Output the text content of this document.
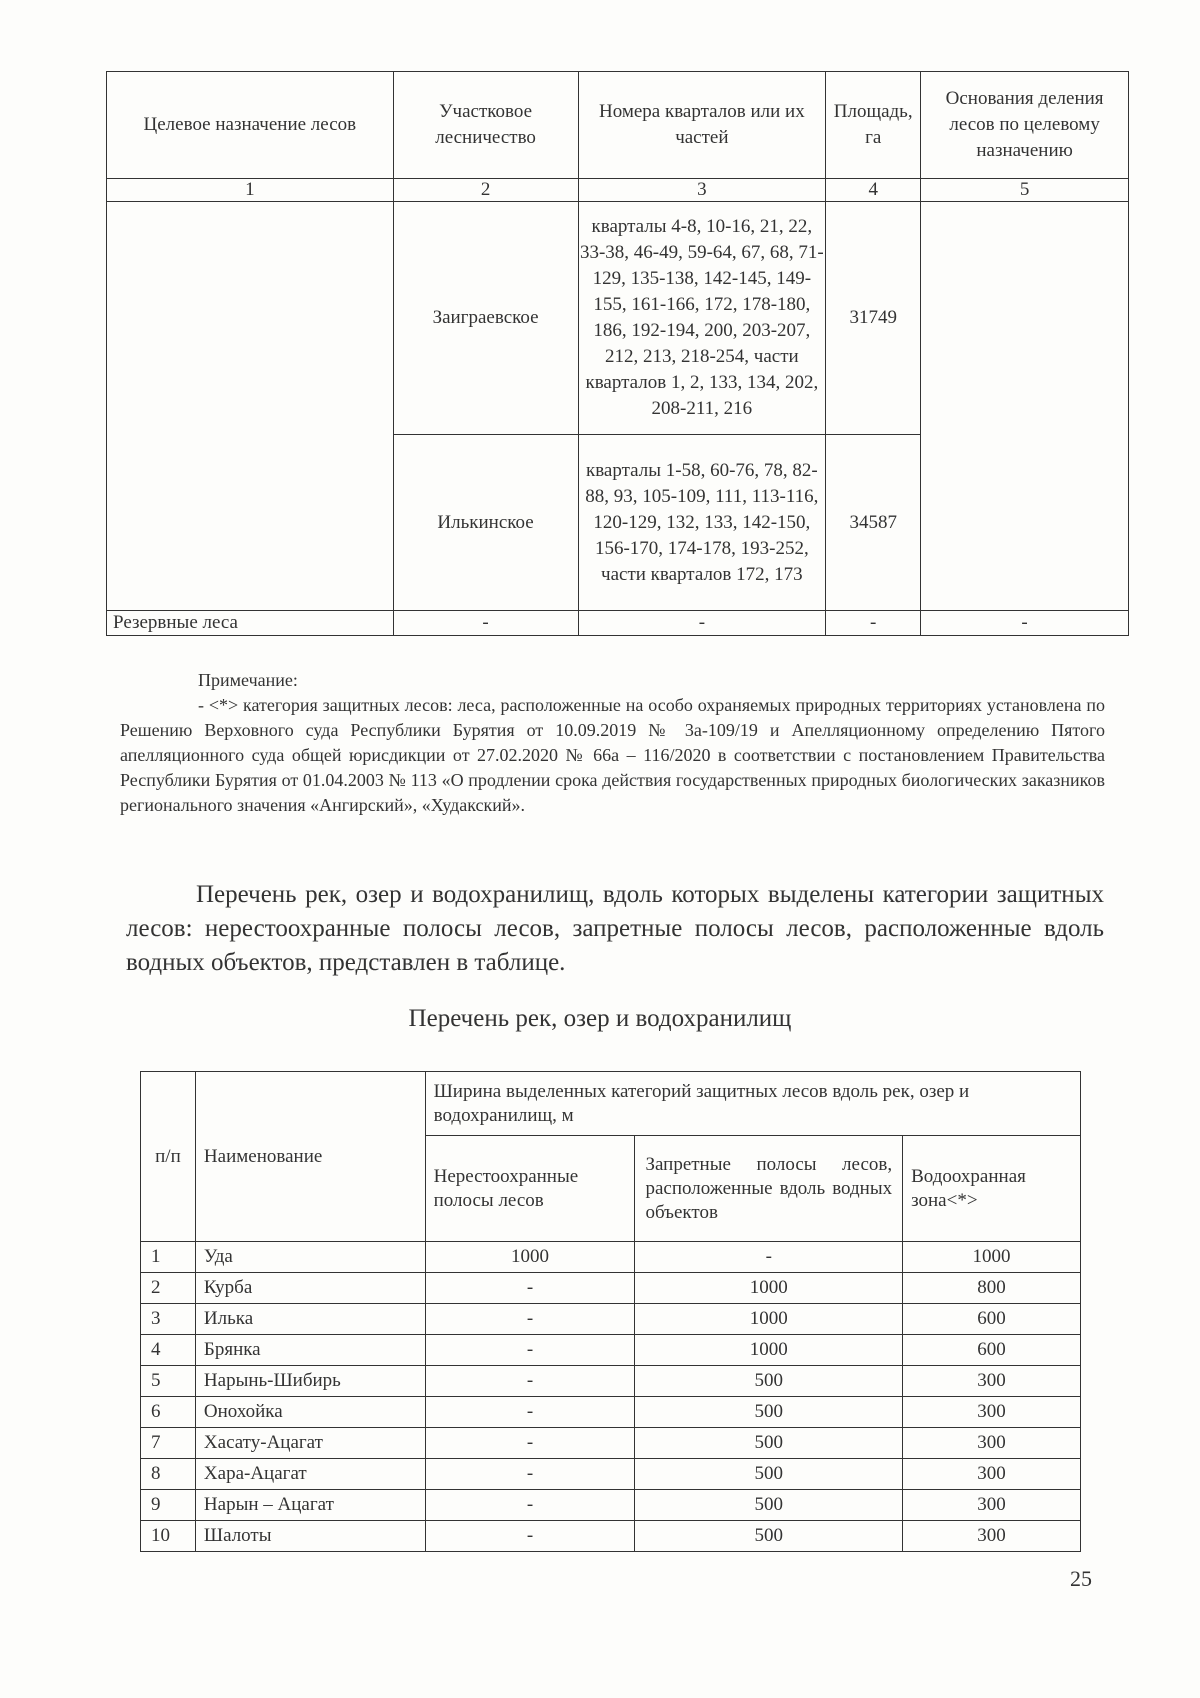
Целевое назначение лесов	Участковое лесничество	Номера кварталов или их частей	Площадь, га	Основания деления лесов по целевому назначению
1	2	3	4	5
	Заиграевское	кварталы 4-8, 10-16, 21, 22, 33-38, 46-49, 59-64, 67, 68, 71-129, 135-138, 142-145, 149-155, 161-166, 172, 178-180, 186, 192-194, 200, 203-207, 212, 213, 218-254, части кварталов 1, 2, 133, 134, 202, 208-211, 216	31749	
	Илькинское	кварталы 1-58, 60-76, 78, 82-88, 93, 105-109, 111, 113-116, 120-129, 132, 133, 142-150, 156-170, 174-178, 193-252, части кварталов 172, 173	34587	
Резервные леса	-	-	-	-
Примечание:
- <*> категория защитных лесов: леса, расположенные на особо охраняемых природных территориях установлена по Решению Верховного суда Республики Бурятия от 10.09.2019 № 3а-109/19 и Апелляционному определению Пятого апелляционного суда общей юрисдикции от 27.02.2020 № 66а – 116/2020 в соответствии с постановлением Правительства Республики Бурятия от 01.04.2003 № 113 «О продлении срока действия государственных природных биологических заказников регионального значения «Ангирский», «Худакский».

Перечень рек, озер и водохранилищ, вдоль которых выделены категории защитных лесов: нерестоохранные полосы лесов, запретные полосы лесов, расположенные вдоль водных объектов, представлен в таблице.

Перечень рек, озер и водохранилищ
п/п	Наименование	Ширина выделенных категорий защитных лесов вдоль рек, озер и водохранилищ, м		
		Нерестоохранные полосы лесов	Запретные полосы лесов, расположенные вдоль водных объектов	Водоохранная зона<*>
1	Уда	1000	-	1000
2	Курба	-	1000	800
3	Илька	-	1000	600
4	Брянка	-	1000	600
5	Нарынь-Шибирь	-	500	300
6	Онохойка	-	500	300
7	Хасату-Ацагат	-	500	300
8	Хара-Ацагат	-	500	300
9	Нарын – Ацагат	-	500	300
10	Шалоты	-	500	300
25
